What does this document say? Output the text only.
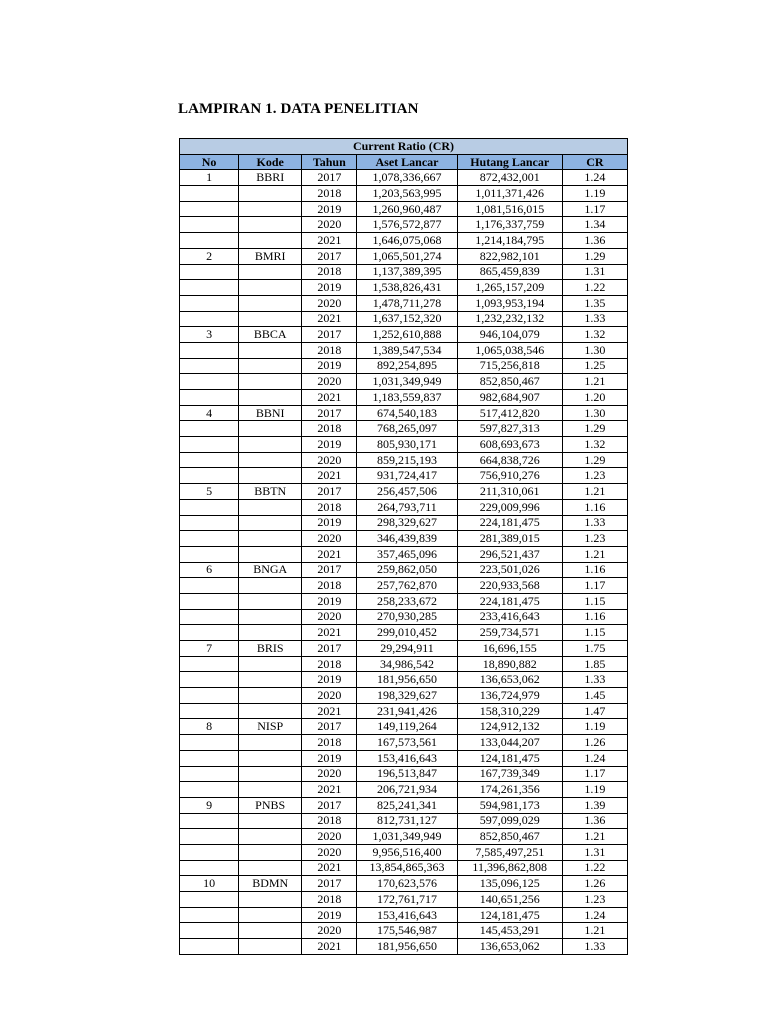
LAMPIRAN 1. DATA PENELITIAN
Current Ratio (CR)					
No	Kode	Tahun	Aset Lancar	Hutang Lancar	CR
1	BBRI	2017	1,078,336,667	872,432,001	1.24
		2018	1,203,563,995	1,011,371,426	1.19
		2019	1,260,960,487	1,081,516,015	1.17
		2020	1,576,572,877	1,176,337,759	1.34
		2021	1,646,075,068	1,214,184,795	1.36
2	BMRI	2017	1,065,501,274	822,982,101	1.29
		2018	1,137,389,395	865,459,839	1.31
		2019	1,538,826,431	1,265,157,209	1.22
		2020	1,478,711,278	1,093,953,194	1.35
		2021	1,637,152,320	1,232,232,132	1.33
3	BBCA	2017	1,252,610,888	946,104,079	1.32
		2018	1,389,547,534	1,065,038,546	1.30
		2019	892,254,895	715,256,818	1.25
		2020	1,031,349,949	852,850,467	1.21
		2021	1,183,559,837	982,684,907	1.20
4	BBNI	2017	674,540,183	517,412,820	1.30
		2018	768,265,097	597,827,313	1.29
		2019	805,930,171	608,693,673	1.32
		2020	859,215,193	664,838,726	1.29
		2021	931,724,417	756,910,276	1.23
5	BBTN	2017	256,457,506	211,310,061	1.21
		2018	264,793,711	229,009,996	1.16
		2019	298,329,627	224,181,475	1.33
		2020	346,439,839	281,389,015	1.23
		2021	357,465,096	296,521,437	1.21
6	BNGA	2017	259,862,050	223,501,026	1.16
		2018	257,762,870	220,933,568	1.17
		2019	258,233,672	224,181,475	1.15
		2020	270,930,285	233,416,643	1.16
		2021	299,010,452	259,734,571	1.15
7	BRIS	2017	29,294,911	16,696,155	1.75
		2018	34,986,542	18,890,882	1.85
		2019	181,956,650	136,653,062	1.33
		2020	198,329,627	136,724,979	1.45
		2021	231,941,426	158,310,229	1.47
8	NISP	2017	149,119,264	124,912,132	1.19
		2018	167,573,561	133,044,207	1.26
		2019	153,416,643	124,181,475	1.24
		2020	196,513,847	167,739,349	1.17
		2021	206,721,934	174,261,356	1.19
9	PNBS	2017	825,241,341	594,981,173	1.39
		2018	812,731,127	597,099,029	1.36
		2020	1,031,349,949	852,850,467	1.21
		2020	9,956,516,400	7,585,497,251	1.31
		2021	13,854,865,363	11,396,862,808	1.22
10	BDMN	2017	170,623,576	135,096,125	1.26
		2018	172,761,717	140,651,256	1.23
		2019	153,416,643	124,181,475	1.24
		2020	175,546,987	145,453,291	1.21
		2021	181,956,650	136,653,062	1.33
